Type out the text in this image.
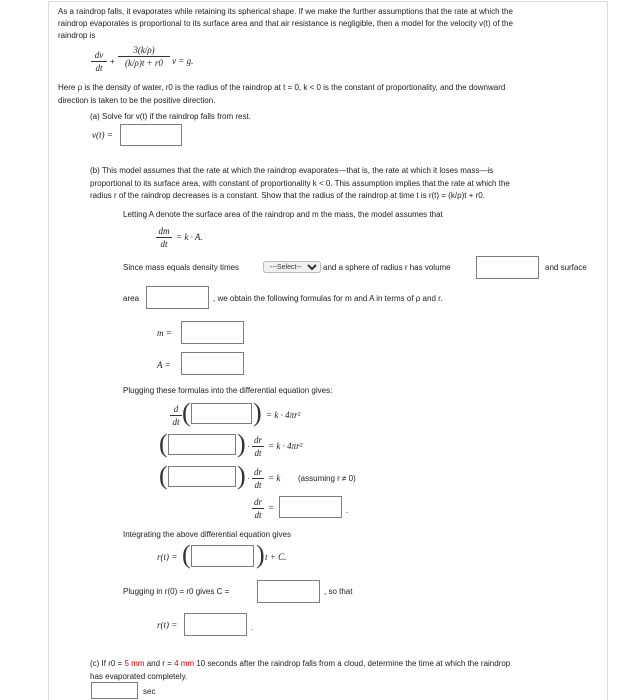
As a raindrop falls, it evaporates while retaining its spherical shape. If we make the further assumptions that the rate at which the
raindrop evaporates is proportional to its surface area and that air resistance is negligible, then a model for the velocity v(t) of the
raindrop is
$\frac{dv}{dt} + \frac{3(k/\rho)}{(k/\rho)t + r0}$ v = g.
Here ρ is the density of water, r0 is the radius of the raindrop at t = 0, k < 0 is the constant of proportionality, and the downward
direction is taken to be the positive direction.
(a) Solve for v(t) if the raindrop falls from rest.
v(t) =
(b) This model assumes that the rate at which the raindrop evaporates—that is, the rate at which it loses mass—is
proportional to its surface area, with constant of proportionality k < 0. This assumption implies that the rate at which the
radius r of the raindrop decreases is a constant. Show that the radius of the raindrop at time t is r(t) = (k/ρ)t + r0.
Letting A denote the surface area of the raindrop and m the mass, the model assumes that
$\frac{dm}{dt} = k \cdot A$.
Since mass equals density times
---Select---	and a sphere of radius r has volume	and surface
area	, we obtain the following formulas for m and A in terms of ρ and r.
m =
A =
Plugging these formulas into the differential equation gives:
$\frac{d}{dt}$ ( ) = k · 4πr²
(	) · $\frac{dr}{dt} = k \cdot 4\pi r^2$
(	) · $\frac{dr}{dt} = k$ (assuming r ≠ 0)
$\frac{dr}{dt}$ =	.
Integrating the above differential equation gives
r(t) = (	) t + C.
Plugging in r(0) = r0 gives C =	, so that
r(t) =	.
(c) If r0 = 5 mm and r = 4 mm 10 seconds after the raindrop falls from a cloud, determine the time at which the raindrop
has evaporated completely.
sec
